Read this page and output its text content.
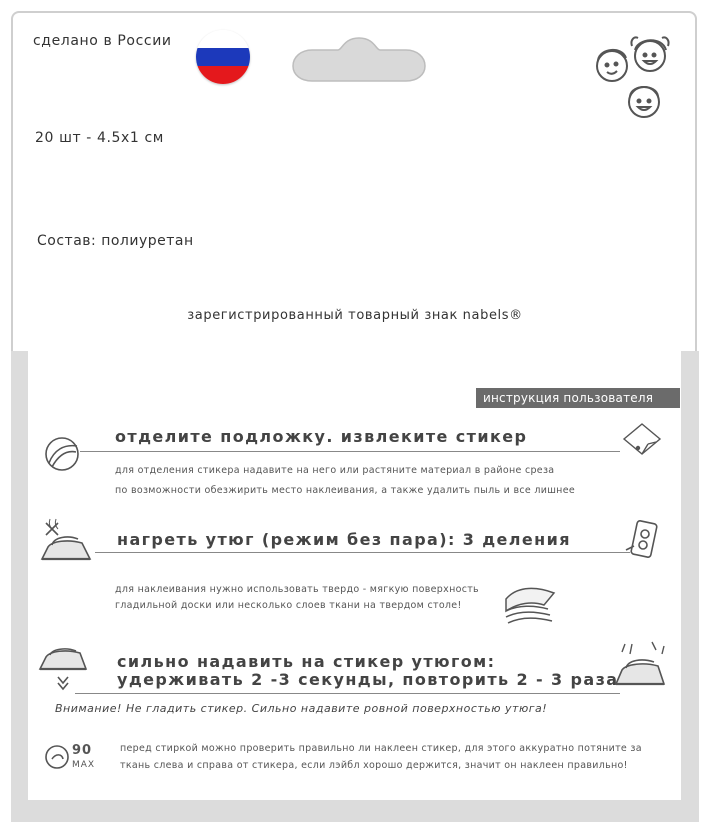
сделано в России
20 шт - 4.5х1 см
Состав: полиуретан
зарегистрированный товарный знак nabels®
инструкция пользователя
отделите подложку. извлеките стикер
для отделения стикера надавите на него или растяните материал в районе среза
по возможности обезжирить место наклеивания, а также удалить пыль и все лишнее
нагреть утюг (режим без пара): 3 деления
для наклеивания нужно использовать твердо - мягкую поверхность
гладильной доски или несколько слоев ткани на твердом столе!
сильно надавить на стикер утюгом:
удерживать 2 -3 секунды, повторить 2 - 3 раза
Внимание! Не гладить стикер. Сильно надавите ровной поверхностью утюга!
90
MAX
перед стиркой можно проверить правильно ли наклеен стикер, для этого аккуратно потяните за
ткань слева и справа от стикера, если лэйбл хорошо держится, значит он наклеен правильно!
